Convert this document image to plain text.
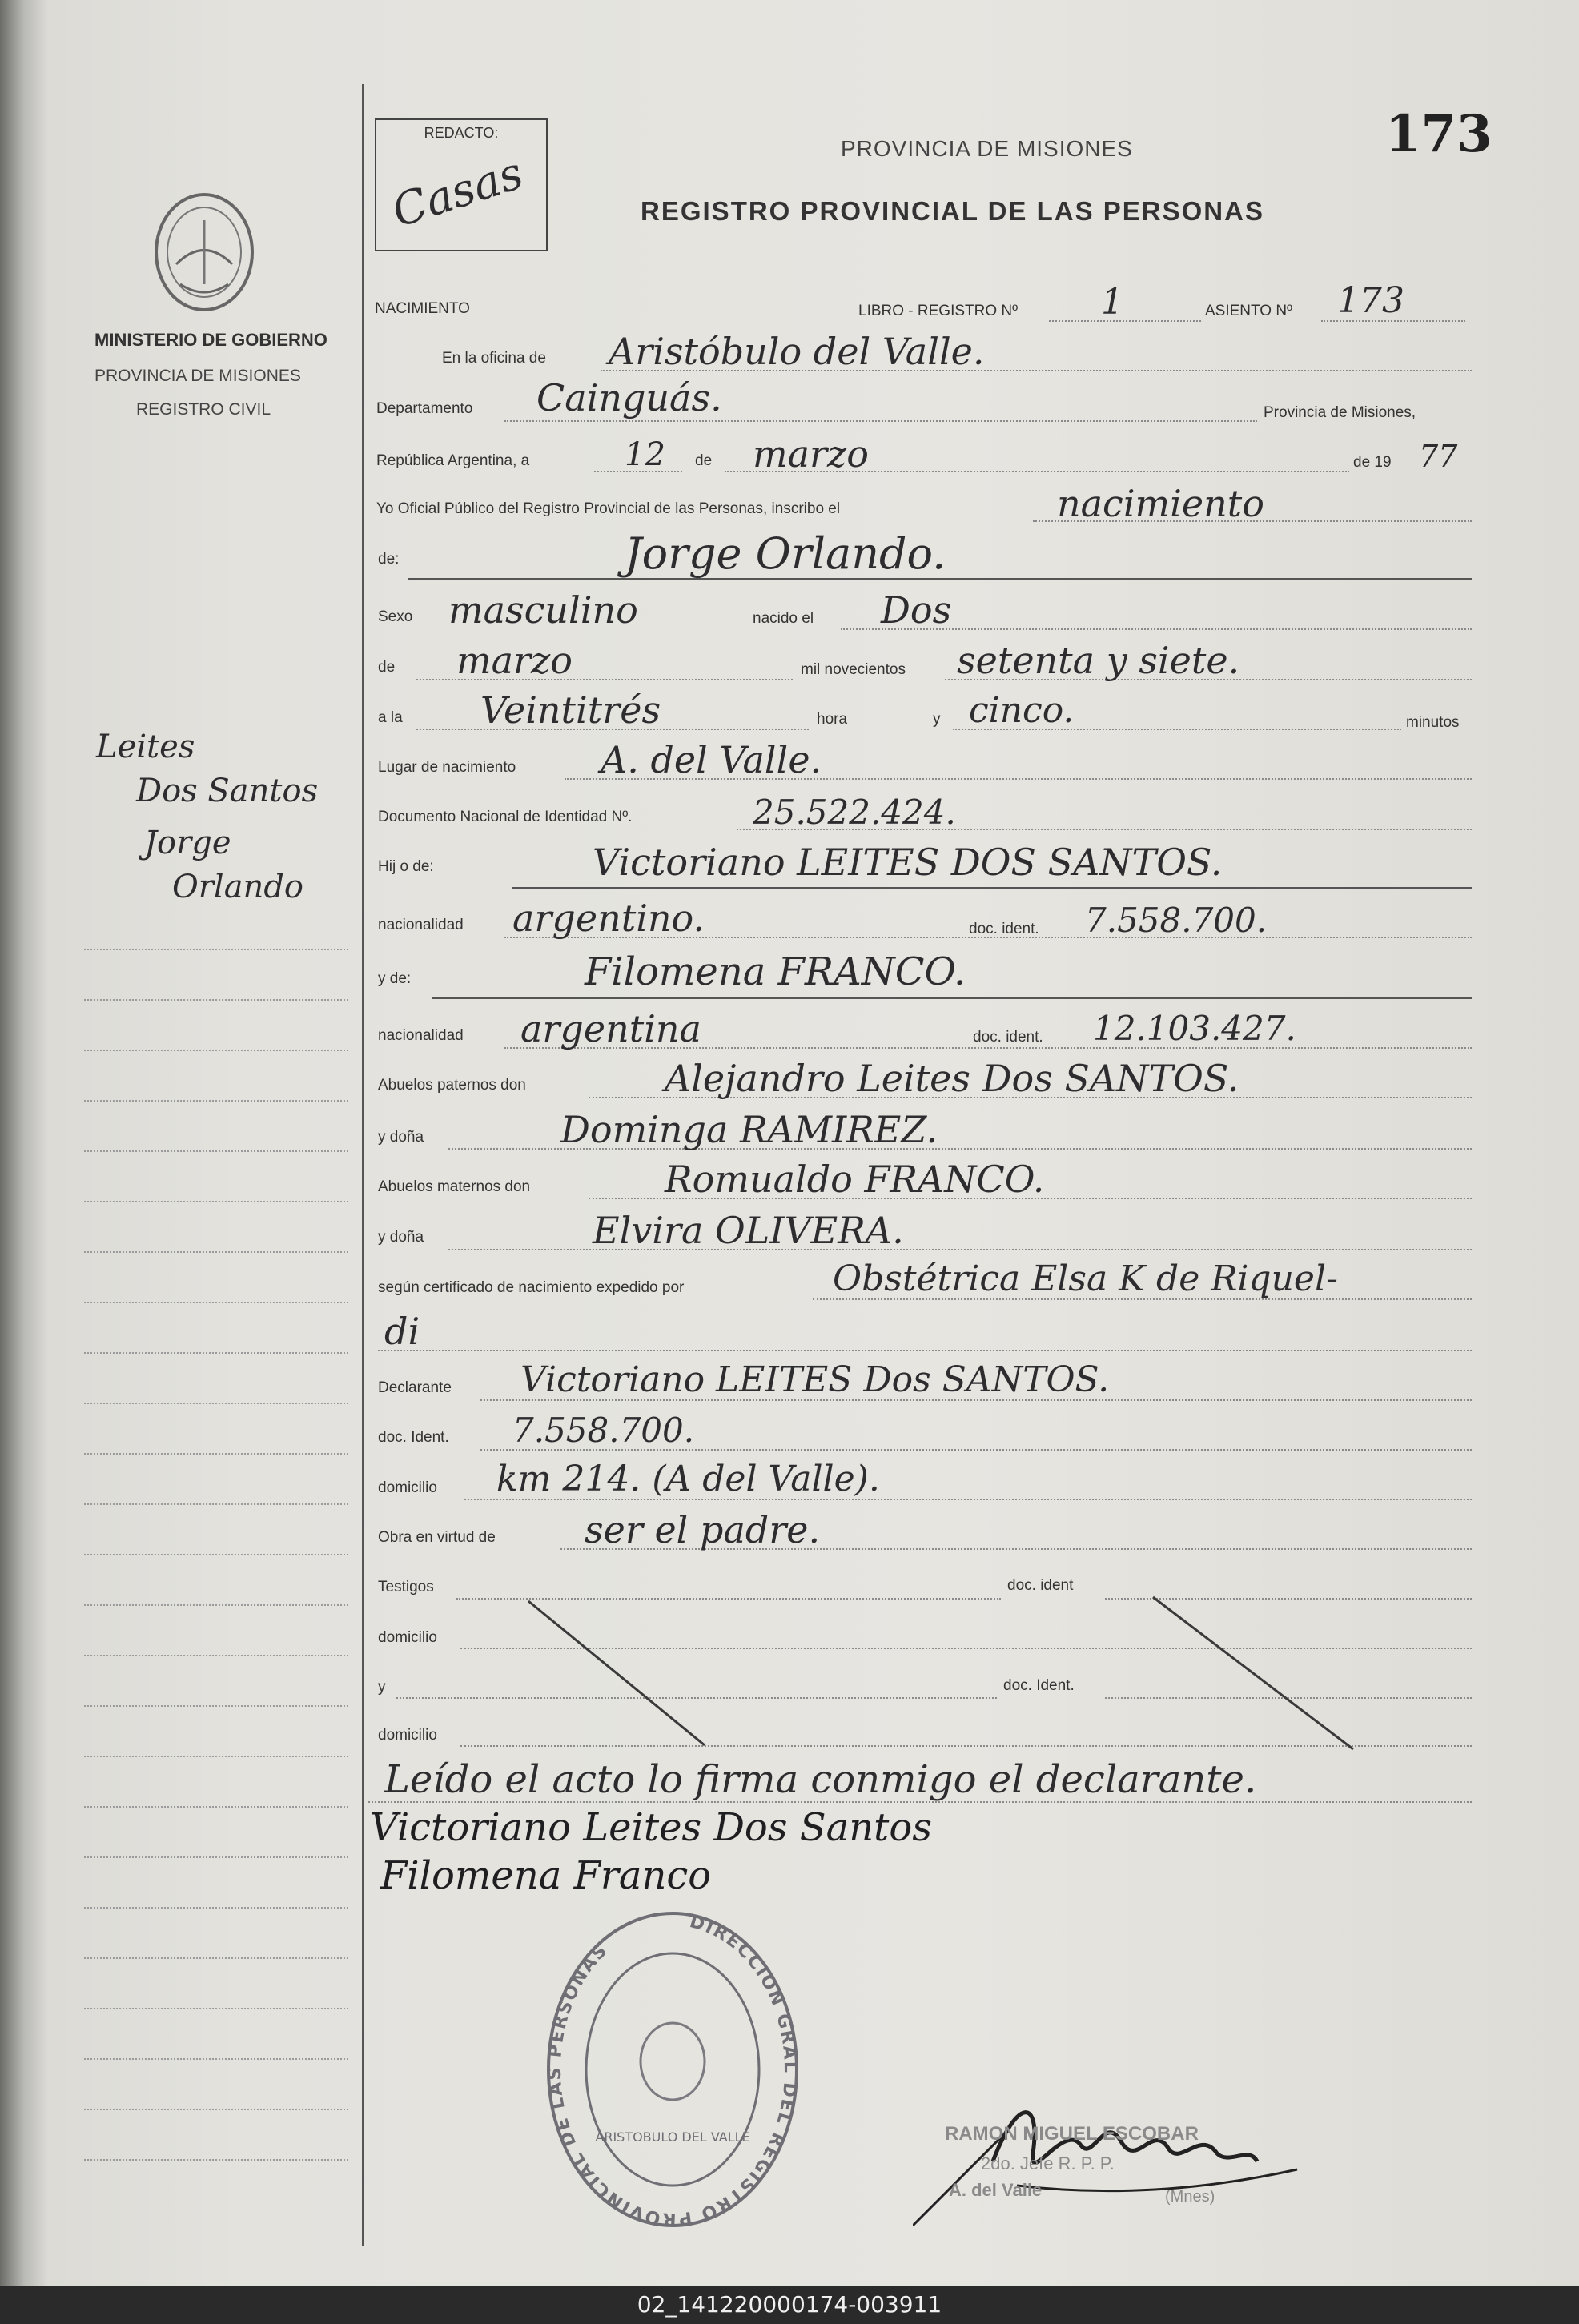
REDACTO:
Casas	PROVINCIA DE MISIONES
REGISTRO PROVINCIAL DE LAS PERSONAS
173
MINISTERIO DE GOBIERNO
PROVINCIA DE MISIONES
REGISTRO CIVIL
Leites
Dos Santos
Jorge
Orlando
NACIMIENTO	LIBRO - REGISTRO Nº 1	ASIENTO Nº 173
En la oficina de Aristóbulo del Valle.
Departamento Cainguás.	Provincia de Misiones,
República Argentina, a	12 de marzo	de 19 77
Yo Oficial Público del Registro Provincial de las Personas, inscribo el	nacimiento
de:	Jorge Orlando.
Sexo masculino	nacido el Dos
de marzo	mil novecientos setenta y siete.
a la Veintitrés	hora	y cinco.	minutos
Lugar de nacimiento A. del Valle.
Documento Nacional de Identidad Nº.	25.522.424.
Hij o de:	Victoriano LEITES DOS SANTOS.
nacionalidad argentino.	doc. ident. 7.558.700.
y de:	Filomena FRANCO.
nacionalidad argentina	doc. ident. 12.103.427.
Abuelos paternos don	Alejandro Leites Dos SANTOS.
y doña	Dominga RAMIREZ.
Abuelos maternos don	Romualdo FRANCO.
y doña	Elvira OLIVERA.
según certificado de nacimiento expedido por	Obstétrica Elsa K de Riquel-
di
Declarante Victoriano LEITES Dos SANTOS.
doc. Ident. 7.558.700.
domicilio km 214. (A del Valle).
Obra en virtud de ser el padre.
Testigos	doc. ident
domicilio
y	doc. Ident.
domicilio
Leído el acto lo firma conmigo el declarante.
Victoriano Leites Dos Santos
Filomena Franco
DIRECCION GRAL DEL REGISTRO PROVINCIAL DE LAS PERSONAS
ARISTOBULO DEL VALLE	RAMON MIGUEL ESCOBAR
2do. Jefe R. P. P.
A. del Valle	(Mnes)
02_141220000174-003911
